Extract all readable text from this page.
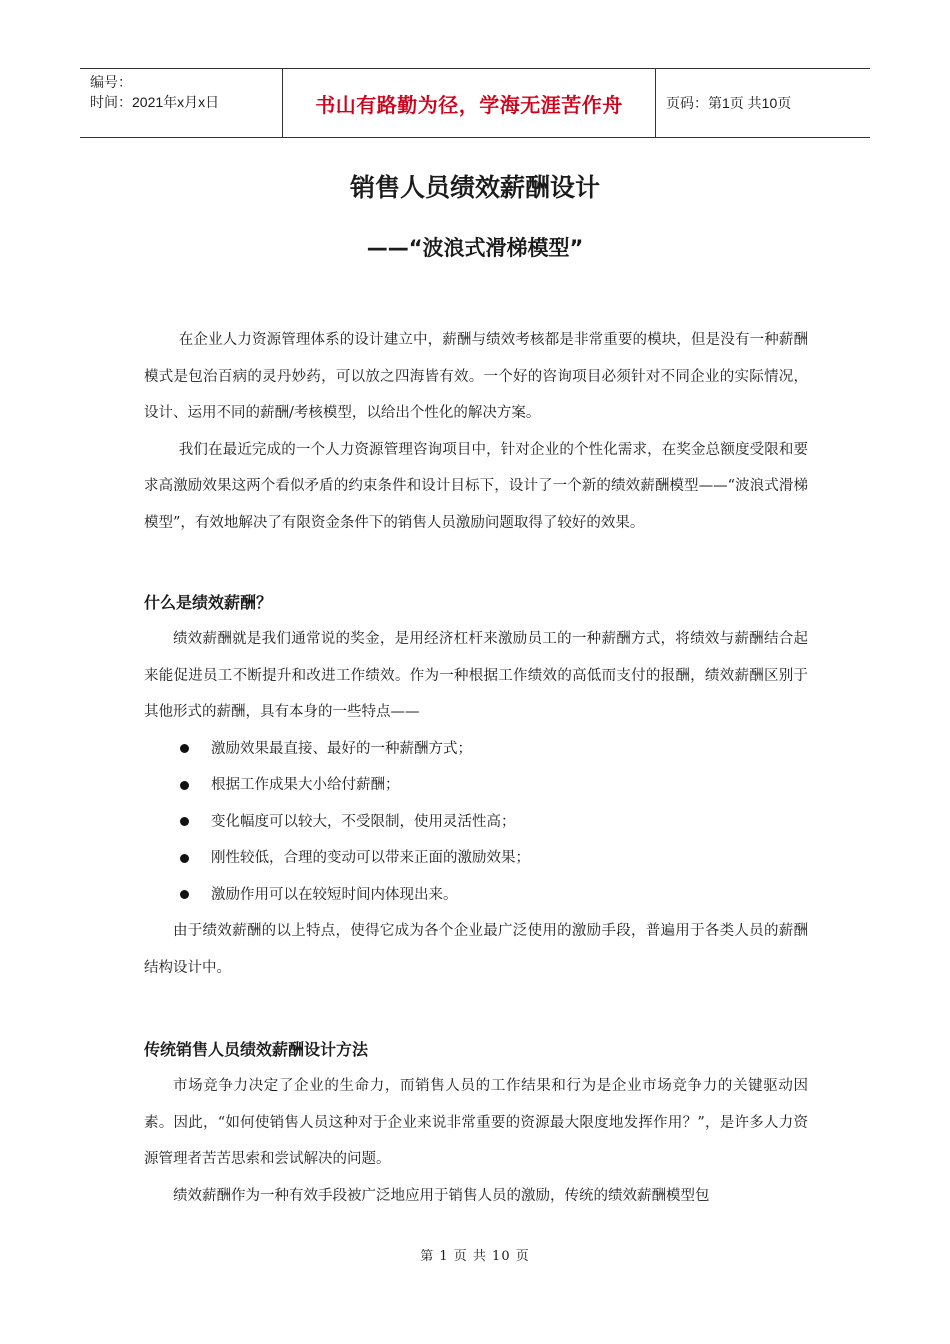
编号：
时间：2021年x月x日	书山有路勤为径，学海无涯苦作舟	页码：第1页 共10页
销售人员绩效薪酬设计
——“波浪式滑梯模型”

在企业人力资源管理体系的设计建立中，薪酬与绩效考核都是非常重要的模块，但是没有一种薪酬模式是包治百病的灵丹妙药，可以放之四海皆有效。一个好的咨询项目必须针对不同企业的实际情况，设计、运用不同的薪酬/考核模型，以给出个性化的解决方案。

我们在最近完成的一个人力资源管理咨询项目中，针对企业的个性化需求，在奖金总额度受限和要求高激励效果这两个看似矛盾的约束条件和设计目标下，设计了一个新的绩效薪酬模型——“波浪式滑梯模型”，有效地解决了有限资金条件下的销售人员激励问题取得了较好的效果。

什么是绩效薪酬？

绩效薪酬就是我们通常说的奖金，是用经济杠杆来激励员工的一种薪酬方式，将绩效与薪酬结合起来能促进员工不断提升和改进工作绩效。作为一种根据工作绩效的高低而支付的报酬，绩效薪酬区别于其他形式的薪酬，具有本身的一些特点——

激励效果最直接、最好的一种薪酬方式；
根据工作成果大小给付薪酬；
变化幅度可以较大，不受限制，使用灵活性高；
刚性较低，合理的变动可以带来正面的激励效果；
激励作用可以在较短时间内体现出来。

由于绩效薪酬的以上特点，使得它成为各个企业最广泛使用的激励手段，普遍用于各类人员的薪酬结构设计中。

传统销售人员绩效薪酬设计方法

市场竞争力决定了企业的生命力，而销售人员的工作结果和行为是企业市场竞争力的关键驱动因素。因此，“如何使销售人员这种对于企业来说非常重要的资源最大限度地发挥作用？”，是许多人力资源管理者苦苦思索和尝试解决的问题。

绩效薪酬作为一种有效手段被广泛地应用于销售人员的激励，传统的绩效薪酬模型包

第 1 页 共 10 页
